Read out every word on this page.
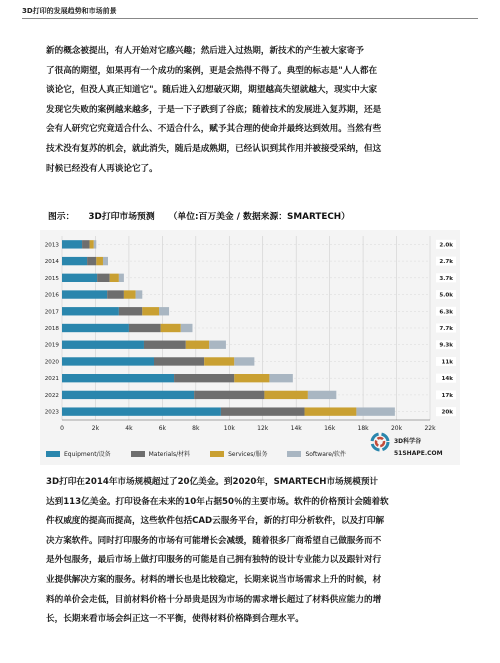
3D打印的发展趋势和市场前景
新的概念被提出，有人开始对它感兴趣；然后进入过热期，新技术的产生被大家寄予
了很高的期望，如果再有一个成功的案例，更是会热得不得了。典型的标志是"人人都在
谈论它，但没人真正知道它"。随后进入幻想破灭期，期望越高失望就越大，现实中大家
发现它失败的案例越来越多，于是一下子跌到了谷底；随着技术的发展进入复苏期，还是
会有人研究它究竟适合什么、不适合什么，赋予其合理的使命并最终达到效用。当然有些
技术没有复苏的机会，就此消失，随后是成熟期，已经认识到其作用并被接受采纳，但这
时候已经没有人再谈论它了。
图示： 3D打印市场预测 （单位:百万美金 / 数据来源：SMARTECH）
0	2k	4k	6k	8k	10k	12k	14k	16k	18k	20k	22k
2013	2.0k
2014	2.7k
2015	3.7k
2016	5.0k
2017	6.3k
2018	7.7k
2019	9.3k
2020	11k
2021	14k
2022	17k
2023	20k
Equipment/设备	Materials/材料	Services/服务	Software/软件
3D科学谷
51SHAPE.COM
3D打印在2014年市场规模超过了20亿美金。到2020年，SMARTECH市场规模预计
达到113亿美金。打印设备在未来的10年占据50％的主要市场。软件的价格预计会随着软
件权威度的提高而提高，这些软件包括CAD云服务平台，新的打印分析软件，以及打印解
决方案软件。同时打印服务的市场有可能增长会减缓，随着很多厂商希望自己做服务而不
是外包服务，最后市场上做打印服务的可能是自己拥有独特的设计专业能力以及跟针对行
业提供解决方案的服务。材料的增长也是比较稳定，长期来说当市场需求上升的时候，材
料的单价会走低，目前材料价格十分昂贵是因为市场的需求增长超过了材料供应能力的增
长，长期来看市场会纠正这一不平衡，使得材料价格降到合理水平。
